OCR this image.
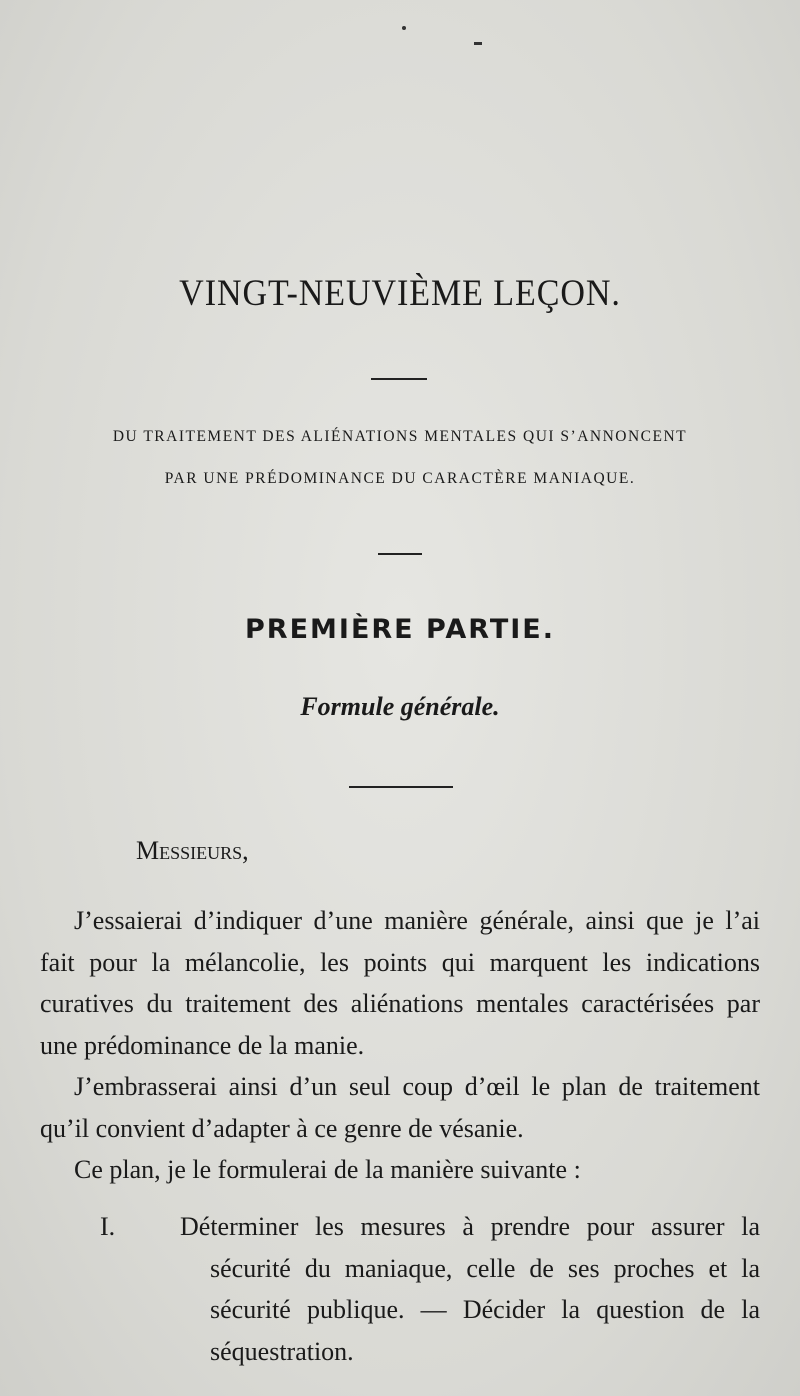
VINGT-NEUVIÈME LEÇON.

DU TRAITEMENT DES ALIÉNATIONS MENTALES QUI S’ANNONCENT

PAR UNE PRÉDOMINANCE DU CARACTÈRE MANIAQUE.

PREMIÈRE PARTIE.
Formule générale.

Messieurs,

J’essaierai d’indiquer d’une manière générale, ainsi que je l’ai fait pour la mélancolie, les points qui marquent les indications curatives du traitement des aliénations mentales caractérisées par une prédominance de la manie.

J’embrasserai ainsi d’un seul coup d’œil le plan de traitement qu’il convient d’adapter à ce genre de vésanie.

Ce plan, je le formulerai de la manière suivante :

I. Déterminer les mesures à prendre pour assurer la sécurité du maniaque, celle de ses proches et la sécurité publique. — Décider la question de la séquestration.
